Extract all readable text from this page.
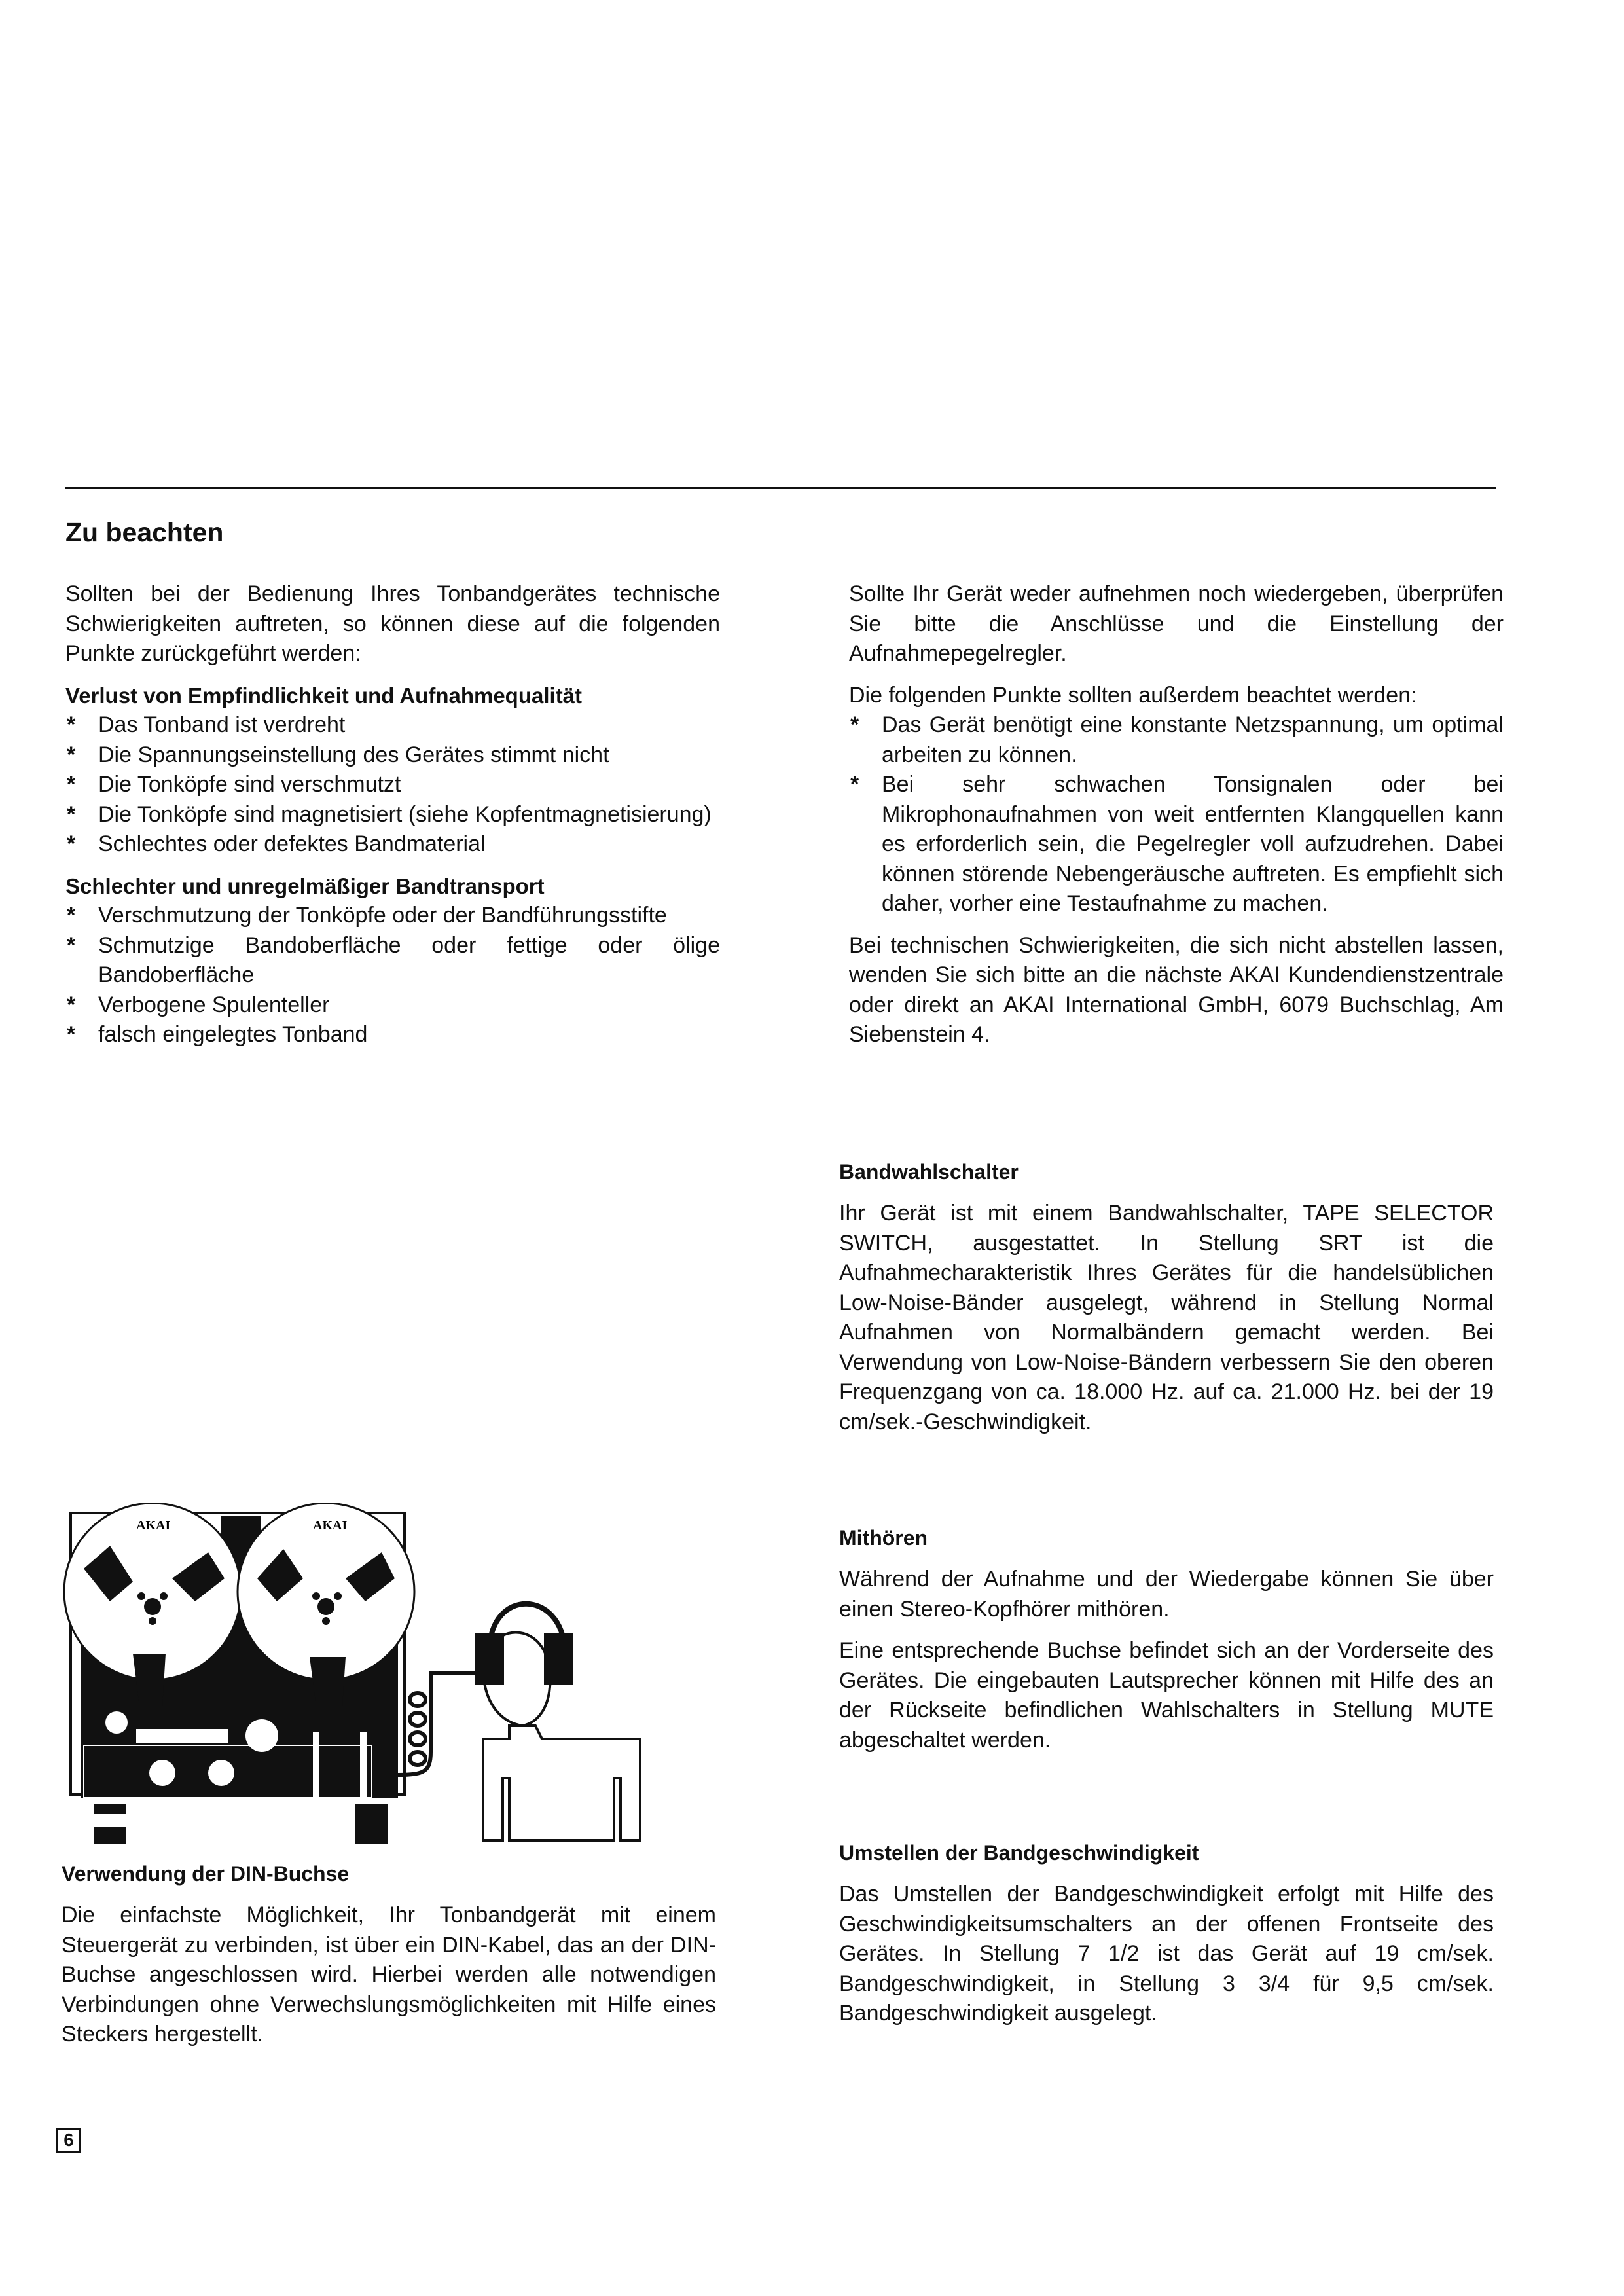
Zu beachten

Sollten bei der Bedienung Ihres Tonbandgerätes technische Schwierigkeiten auftreten, so können diese auf die folgenden Punkte zurückgeführt werden:

Verlust von Empfindlichkeit und Aufnahmequalität
* Das Tonband ist verdreht
* Die Spannungseinstellung des Gerätes stimmt nicht
* Die Tonköpfe sind verschmutzt
* Die Tonköpfe sind magnetisiert (siehe Kopfentmagnetisierung)
* Schlechtes oder defektes Bandmaterial
Schlechter und unregelmäßiger Bandtransport
* Verschmutzung der Tonköpfe oder der Bandführungsstifte
* Schmutzige Bandoberfläche oder fettige oder ölige Bandoberfläche
* Verbogene Spulenteller
* falsch eingelegtes Tonband

Sollte Ihr Gerät weder aufnehmen noch wiedergeben, überprüfen Sie bitte die Anschlüsse und die Einstellung der Aufnahmepegelregler.

Die folgenden Punkte sollten außerdem beachtet werden:

* Das Gerät benötigt eine konstante Netzspannung, um optimal arbeiten zu können.
* Bei sehr schwachen Tonsignalen oder bei Mikrophonaufnahmen von weit entfernten Klangquellen kann es erforderlich sein, die Pegelregler voll aufzudrehen. Dabei können störende Nebengeräusche auftreten. Es empfiehlt sich daher, vorher eine Testaufnahme zu machen.

Bei technischen Schwierigkeiten, die sich nicht abstellen lassen, wenden Sie sich bitte an die nächste AKAI Kundendienstzentrale oder direkt an AKAI International GmbH, 6079 Buchschlag, Am Siebenstein 4.

Bandwahlschalter

Ihr Gerät ist mit einem Bandwahlschalter, TAPE SELECTOR SWITCH, ausgestattet. In Stellung SRT ist die Aufnahmecharakteristik Ihres Gerätes für die handelsüblichen Low-Noise-Bänder ausgelegt, während in Stellung Normal Aufnahmen von Normalbändern gemacht werden. Bei Verwendung von Low-Noise-Bändern verbessern Sie den oberen Frequenzgang von ca. 18.000 Hz. auf ca. 21.000 Hz. bei der 19 cm/sek.-Geschwindigkeit.

Mithören

Während der Aufnahme und der Wiedergabe können Sie über einen Stereo-Kopfhörer mithören.

Eine entsprechende Buchse befindet sich an der Vorderseite des Gerätes. Die eingebauten Lautsprecher können mit Hilfe des an der Rückseite befindlichen Wahlschalters in Stellung MUTE abgeschaltet werden.

Umstellen der Bandgeschwindigkeit

Das Umstellen der Bandgeschwindigkeit erfolgt mit Hilfe des Geschwindigkeitsumschalters an der offenen Frontseite des Gerätes. In Stellung 7 1/2 ist das Gerät auf 19 cm/sek. Bandgeschwindigkeit, in Stellung 3 3/4 für 9,5 cm/sek. Bandgeschwindigkeit ausgelegt.

AKAI	AKAI
Verwendung der DIN-Buchse

Die einfachste Möglichkeit, Ihr Tonbandgerät mit einem Steuergerät zu verbinden, ist über ein DIN-Kabel, das an der DIN-Buchse angeschlossen wird. Hierbei werden alle notwendigen Verbindungen ohne Verwechslungsmöglichkeiten mit Hilfe eines Steckers hergestellt.

6
